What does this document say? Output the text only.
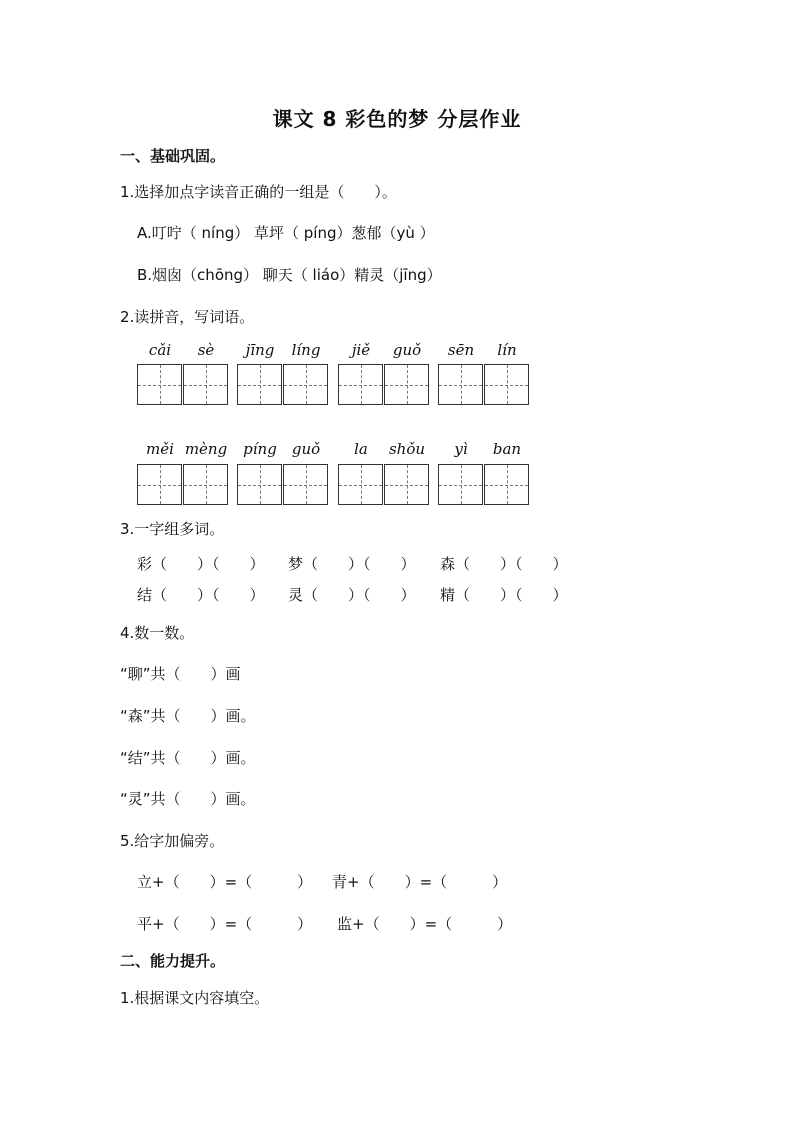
课文 8 彩色的梦 分层作业
一、基础巩固。
1.选择加点字读音正确的一组是（　　）。
A.叮咛（ níng） 草坪（ píng）葱郁（yù ）
B.烟囱（chōng） 聊天（ liáo）精灵（jīng）
2.读拼音，写词语。
cǎi	sè	jīng	líng	jiě	guǒ	sēn	lín
měi mèng	píng	guǒ	la	shǒu	yì	ban
3.一字组多词。
彩（　　）（　　） 梦（　　）（　　） 森（　　）（　　）
结（　　）（　　） 灵（　　）（　　） 精（　　）（　　）
4.数一数。
“聊”共（　　）画
“森”共（　　）画。
“结”共（　　）画。
“灵”共（　　）画。
5.给字加偏旁。
立+（　　）=（　　　） 青+（　　）=（　　　）
平+（　　）=（　　　） 监+（　　）=（　　　）
二、能力提升。
1.根据课文内容填空。
